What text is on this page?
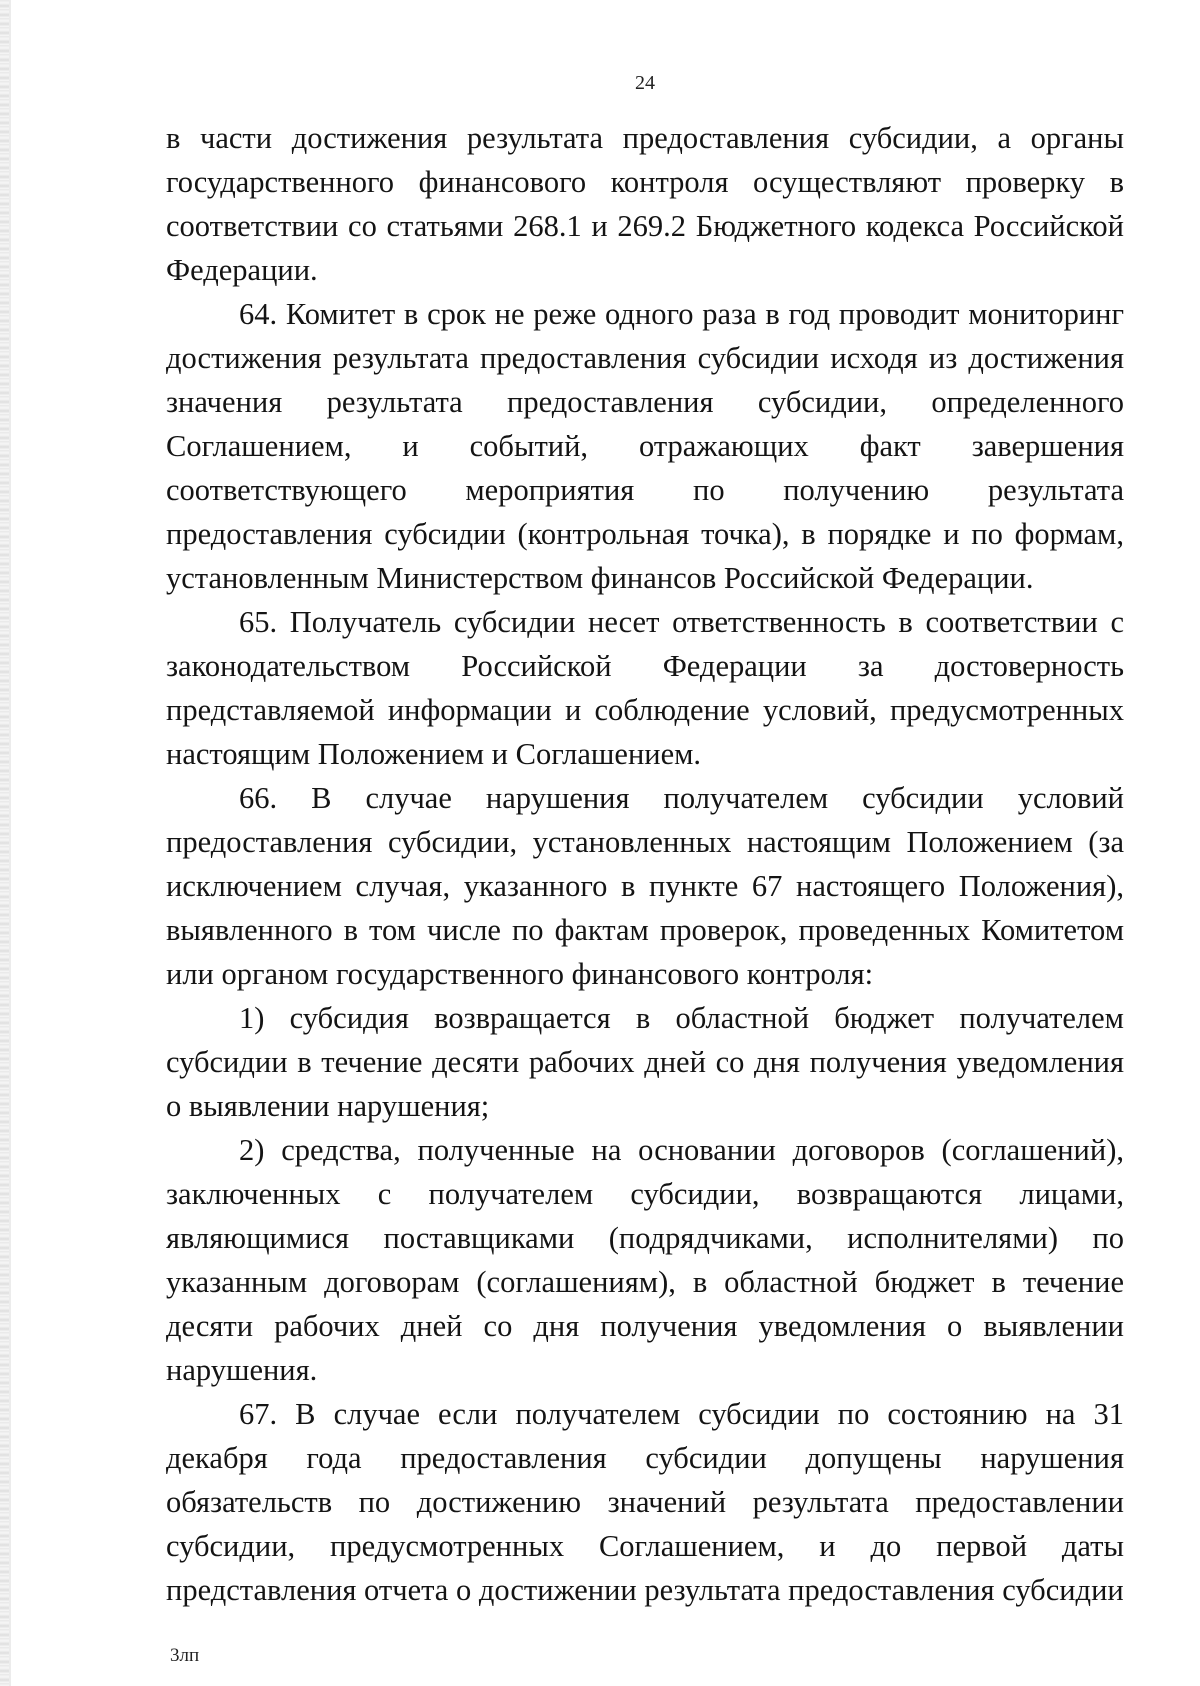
24

в части достижения результата предоставления субсидии, а органы государственного финансового контроля осуществляют проверку в соответствии со статьями 268.1 и 269.2 Бюджетного кодекса Российской Федерации.

64. Комитет в срок не реже одного раза в год проводит мониторинг достижения результата предоставления субсидии исходя из достижения значения результата предоставления субсидии, определенного Соглашением, и событий, отражающих факт завершения соответствующего мероприятия по получению результата предоставления субсидии (контрольная точка), в порядке и по формам, установленным Министерством финансов Российской Федерации.

65. Получатель субсидии несет ответственность в соответствии с законодательством Российской Федерации за достоверность представляемой информации и соблюдение условий, предусмотренных настоящим Положением и Соглашением.

66. В случае нарушения получателем субсидии условий предоставления субсидии, установленных настоящим Положением (за исключением случая, указанного в пункте 67 настоящего Положения), выявленного в том числе по фактам проверок, проведенных Комитетом или органом государственного финансового контроля:

1) субсидия возвращается в областной бюджет получателем субсидии в течение десяти рабочих дней со дня получения уведомления о выявлении нарушения;

2) средства, полученные на основании договоров (соглашений), заключенных с получателем субсидии, возвращаются лицами, являющимися поставщиками (подрядчиками, исполнителями) по указанным договорам (соглашениям), в областной бюджет в течение десяти рабочих дней со дня получения уведомления о выявлении нарушения.

67. В случае если получателем субсидии по состоянию на 31 декабря года предоставления субсидии допущены нарушения обязательств по достижению значений результата предоставлении субсидии, предусмотренных Соглашением, и до первой даты представления отчета о достижении результата предоставления субсидии

3лп
